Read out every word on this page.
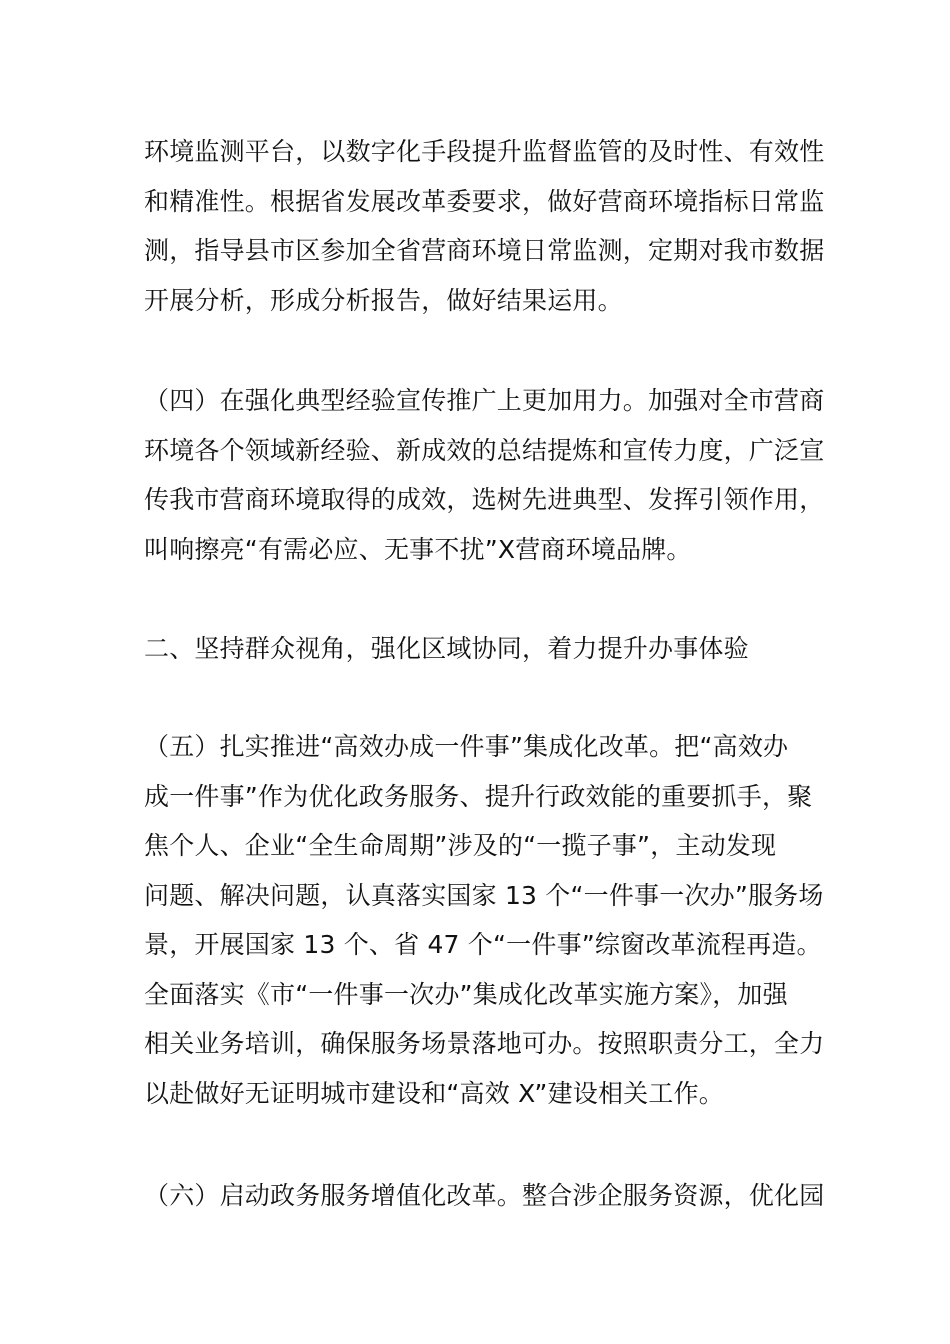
环境监测平台，以数字化手段提升监督监管的及时性、有效性
和精准性。根据省发展改革委要求，做好营商环境指标日常监
测，指导县市区参加全省营商环境日常监测，定期对我市数据
开展分析，形成分析报告，做好结果运用。
（四）在强化典型经验宣传推广上更加用力。加强对全市营商
环境各个领域新经验、新成效的总结提炼和宣传力度，广泛宣
传我市营商环境取得的成效，选树先进典型、发挥引领作用，
叫响擦亮“有需必应、无事不扰”X营商环境品牌。
二、坚持群众视角，强化区域协同，着力提升办事体验
（五）扎实推进“高效办成一件事”集成化改革。把“高效办
成一件事”作为优化政务服务、提升行政效能的重要抓手，聚
焦个人、企业“全生命周期”涉及的“一揽子事”，主动发现
问题、解决问题，认真落实国家 13 个“一件事一次办”服务场
景，开展国家 13 个、省 47 个“一件事”综窗改革流程再造。
全面落实《市“一件事一次办”集成化改革实施方案》，加强
相关业务培训，确保服务场景落地可办。按照职责分工，全力
以赴做好无证明城市建设和“高效 X”建设相关工作。
（六）启动政务服务增值化改革。整合涉企服务资源，优化园
